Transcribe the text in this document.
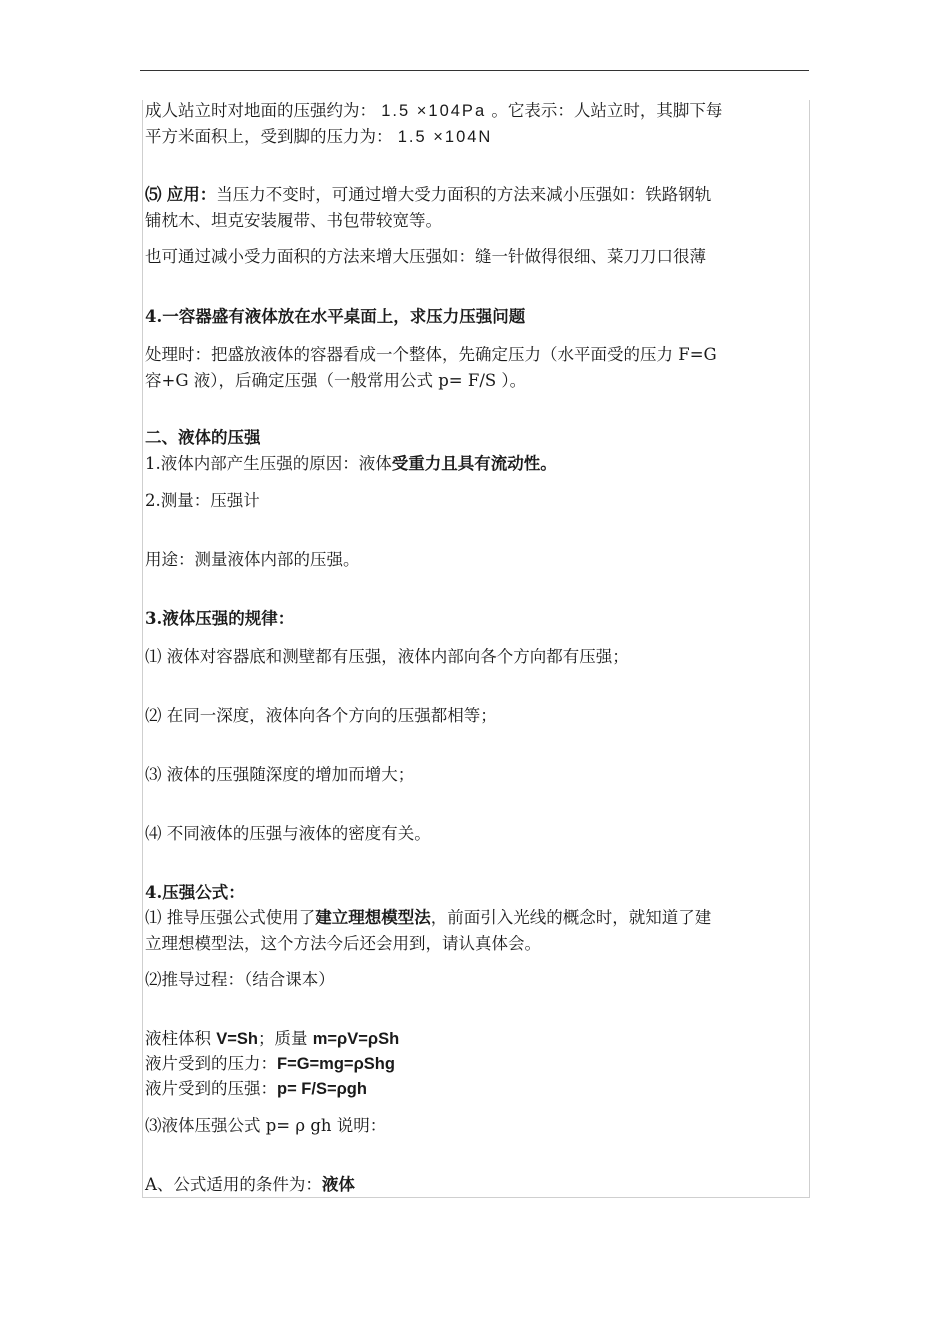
成人站立时对地面的压强约为： 1.5 ×104Pa 。它表示：人站立时，其脚下每
平方米面积上，受到脚的压力为： 1.5 ×104N
⑸ 应用：当压力不变时，可通过增大受力面积的方法来减小压强如：铁路钢轨
铺枕木、坦克安装履带、书包带较宽等。
也可通过减小受力面积的方法来增大压强如：缝一针做得很细、菜刀刀口很薄
4.一容器盛有液体放在水平桌面上，求压力压强问题
处理时：把盛放液体的容器看成一个整体，先确定压力（水平面受的压力 F=G
容+G 液），后确定压强（一般常用公式 p= F/S ）。
二、液体的压强
1.液体内部产生压强的原因：液体受重力且具有流动性。
2.测量：压强计
用途：测量液体内部的压强。
3.液体压强的规律：
⑴ 液体对容器底和测壁都有压强，液体内部向各个方向都有压强；
⑵ 在同一深度，液体向各个方向的压强都相等；
⑶ 液体的压强随深度的增加而增大；
⑷ 不同液体的压强与液体的密度有关。
4.压强公式：
⑴ 推导压强公式使用了建立理想模型法，前面引入光线的概念时，就知道了建
立理想模型法，这个方法今后还会用到，请认真体会。
⑵推导过程：（结合课本）
液柱体积 V=Sh；质量 m=ρV=ρSh
液片受到的压力：F=G=mg=ρShg
液片受到的压强：p= F/S=ρgh
⑶液体压强公式 p= ρ gh 说明：
A、公式适用的条件为：液体
